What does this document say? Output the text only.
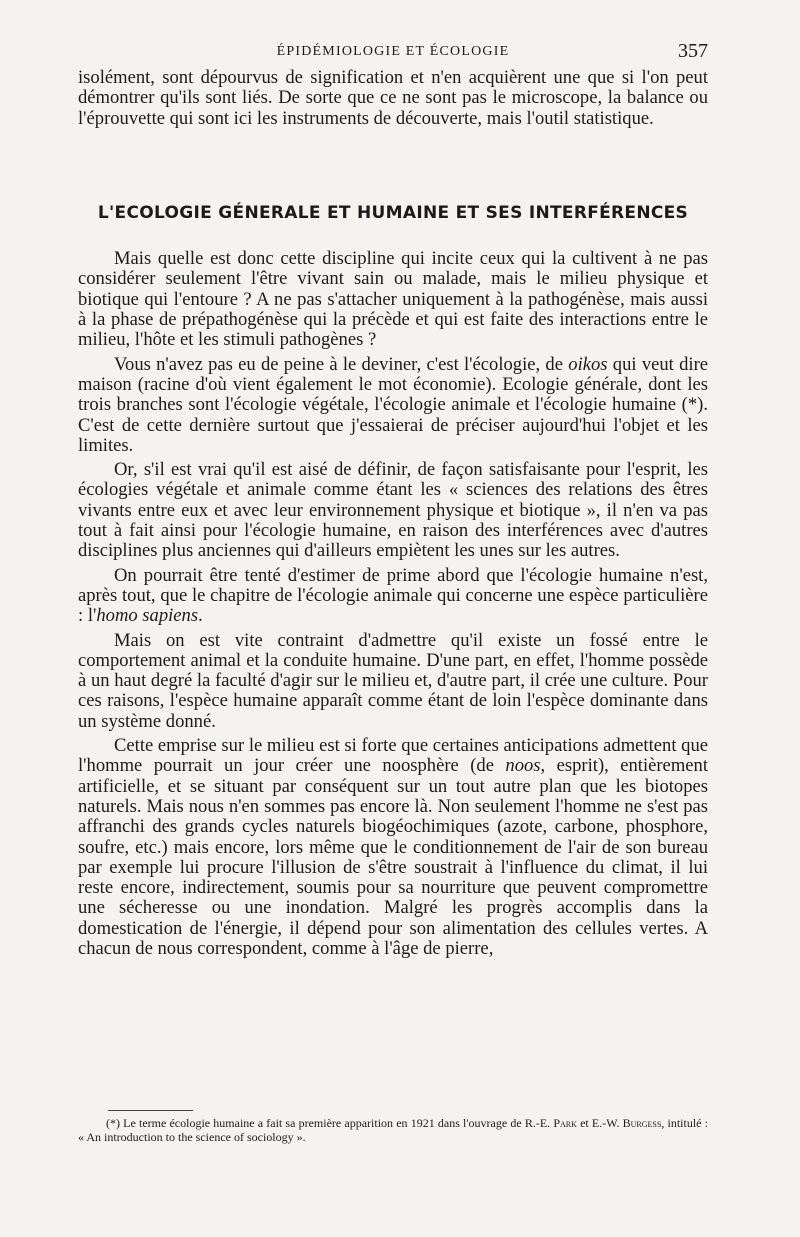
ÉPIDÉMIOLOGIE ET ÉCOLOGIE	357

isolément, sont dépourvus de signification et n'en acquièrent une que si l'on peut démontrer qu'ils sont liés. De sorte que ce ne sont pas le microscope, la balance ou l'éprouvette qui sont ici les instruments de découverte, mais l'outil statistique.

L'ECOLOGIE GÉNERALE ET HUMAINE ET SES INTERFÉRENCES

Mais quelle est donc cette discipline qui incite ceux qui la cultivent à ne pas considérer seulement l'être vivant sain ou malade, mais le milieu physique et biotique qui l'entoure ? A ne pas s'attacher uniquement à la pathogénèse, mais aussi à la phase de prépathogénèse qui la précède et qui est faite des interactions entre le milieu, l'hôte et les stimuli pathogènes ?

Vous n'avez pas eu de peine à le deviner, c'est l'écologie, de oikos qui veut dire maison (racine d'où vient également le mot économie). Ecologie générale, dont les trois branches sont l'écologie végétale, l'écologie animale et l'écologie humaine (*). C'est de cette dernière surtout que j'essaierai de préciser aujourd'hui l'objet et les limites.

Or, s'il est vrai qu'il est aisé de définir, de façon satisfaisante pour l'esprit, les écologies végétale et animale comme étant les « sciences des relations des êtres vivants entre eux et avec leur environnement physique et biotique », il n'en va pas tout à fait ainsi pour l'écologie humaine, en raison des interférences avec d'autres disciplines plus anciennes qui d'ailleurs empiètent les unes sur les autres.

On pourrait être tenté d'estimer de prime abord que l'écologie humaine n'est, après tout, que le chapitre de l'écologie animale qui concerne une espèce particulière : l'homo sapiens.

Mais on est vite contraint d'admettre qu'il existe un fossé entre le comportement animal et la conduite humaine. D'une part, en effet, l'homme possède à un haut degré la faculté d'agir sur le milieu et, d'autre part, il crée une culture. Pour ces raisons, l'espèce humaine apparaît comme étant de loin l'espèce dominante dans un système donné.

Cette emprise sur le milieu est si forte que certaines anticipations admettent que l'homme pourrait un jour créer une noosphère (de noos, esprit), entièrement artificielle, et se situant par conséquent sur un tout autre plan que les biotopes naturels. Mais nous n'en sommes pas encore là. Non seulement l'homme ne s'est pas affranchi des grands cycles naturels biogéochimiques (azote, carbone, phosphore, soufre, etc.) mais encore, lors même que le conditionnement de l'air de son bureau par exemple lui procure l'illusion de s'être soustrait à l'influence du climat, il lui reste encore, indirectement, soumis pour sa nourriture que peuvent compromettre une sécheresse ou une inondation. Malgré les progrès accomplis dans la domestication de l'énergie, il dépend pour son alimentation des cellules vertes. A chacun de nous correspondent, comme à l'âge de pierre,

(*) Le terme écologie humaine a fait sa première apparition en 1921 dans l'ouvrage de R.-E. Park et E.-W. Burgess, intitulé : « An introduction to the science of sociology ».
